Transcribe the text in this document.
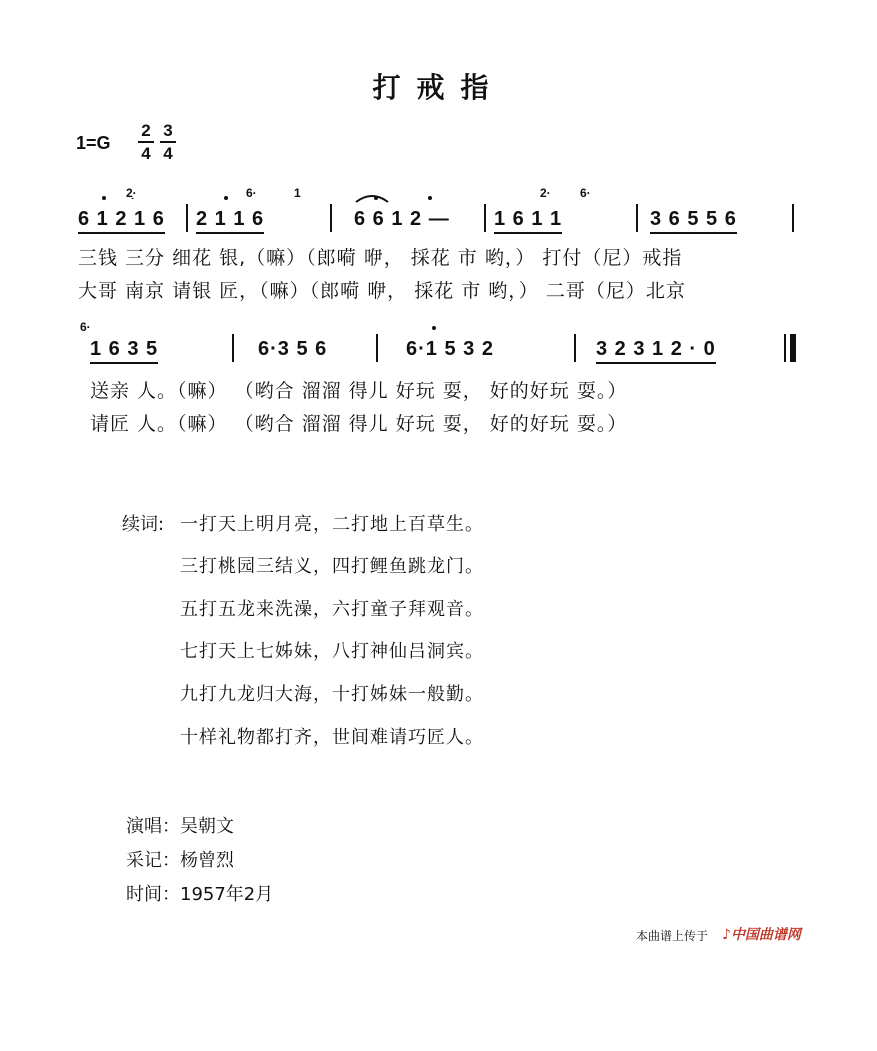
打戒指
$1=G \frac{2}{4} \frac{3}{4}$
6 1 2 1 6 2 1 1 6	6 6 1 2 — 1 6 1 1	3 6 5 5 6
2̣·	6·	1	2· 6·
三钱 三分 细花 银,（嘛）（郎嗬 咿， 採花 市 哟，） 打付（尼）戒指
大哥 南京 请银 匠，（嘛）（郎嗬 咿， 採花 市 哟，） 二哥（尼）北京
6·
1 6 3 5	6·3 5 6	6·1 5 3 2	3 2 3 1 2 · 0
送亲 人。（嘛） （哟合 溜溜 得儿 好玩 耍， 好的好玩 耍。）
请匠 人。（嘛） （哟合 溜溜 得儿 好玩 耍， 好的好玩 耍。）
续词: 一打天上明月亮，二打地上百草生。
三打桃园三结义，四打鲤鱼跳龙门。
五打五龙来洗澡，六打童子拜观音。
七打天上七姊妹，八打神仙吕洞宾。
九打九龙归大海，十打姊妹一般勤。
十样礼物都打齐，世间难请巧匠人。
演唱：吴朝文
采记：杨曾烈
时间：1957年2月
本曲谱上传于 ♪中国曲谱网
